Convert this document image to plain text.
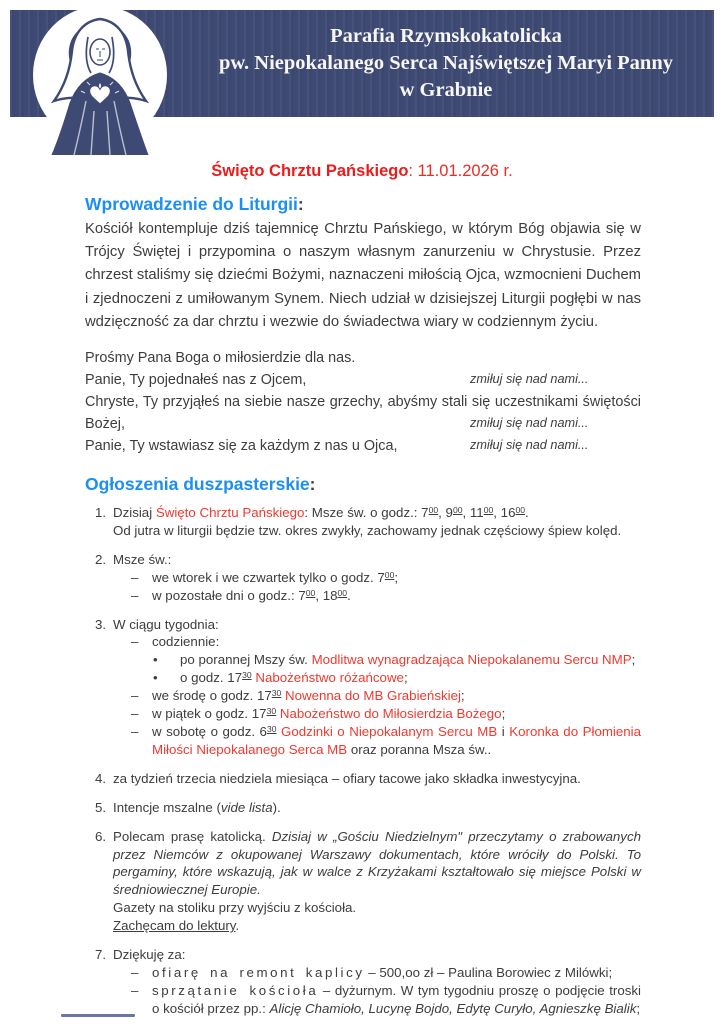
Parafia Rzymskokatolicka
pw. Niepokalanego Serca Najświętszej Maryi Panny
w Grabnie
Święto Chrztu Pańskiego: 11.01.2026 r.
Wprowadzenie do Liturgii:

Kościół kontempluje dziś tajemnicę Chrztu Pańskiego, w którym Bóg objawia się w Trójcy Świętej i przypomina o naszym własnym zanurzeniu w Chrystusie. Przez chrzest staliśmy się dziećmi Bożymi, naznaczeni miłością Ojca, wzmocnieni Duchem i zjednoczeni z umiłowanym Synem. Niech udział w dzisiejszej Liturgii pogłębi w nas wdzięczność za dar chrztu i wezwie do świadectwa wiary w codziennym życiu.

Prośmy Pana Boga o miłosierdzie dla nas.
Panie, Ty pojednałeś nas z Ojcem,	zmiłuj się nad nami...
Chryste, Ty przyjąłeś na siebie nasze grzechy, abyśmy stali się uczestnikami świętości Bożej,	zmiłuj się nad nami...
Panie, Ty wstawiasz się za każdym z nas u Ojca,	zmiłuj się nad nami...
Ogłoszenia duszpasterskie:
1. Dzisiaj Święto Chrztu Pańskiego: Msze św. o godz.: $7^{00}$, $9^{00}$, $11^{00}$, $16^{00}$.
Od jutra w liturgii będzie tzw. okres zwykły, zachowamy jednak częściowy śpiew kolęd.
2. Msze św.:
– we wtorek i we czwartek tylko o godz. $7^{00}$;
– w pozostałe dni o godz.: $7^{00}$, $18^{00}$.
3. W ciągu tygodnia:
– codziennie:
• po porannej Mszy św. Modlitwa wynagradzająca Niepokalanemu Sercu NMP;
• o godz. $17^{30}$ Nabożeństwo różańcowe;
– we środę o godz. $17^{30}$ Nowenna do MB Grabieńskiej;
– w piątek o godz. $17^{30}$ Nabożeństwo do Miłosierdzia Bożego;
– w sobotę o godz. $6^{30}$ Godzinki o Niepokalanym Sercu MB i Koronka do Płomienia Miłości Niepokalanego Serca MB oraz poranna Msza św..
4. za tydzień trzecia niedziela miesiąca – ofiary tacowe jako składka inwestycyjna.
5. Intencje mszalne (vide lista).
6. Polecam prasę katolicką. Dzisiaj w „Gościu Niedzielnym" przeczytamy o zrabowanych przez Niemców z okupowanej Warszawy dokumentach, które wróciły do Polski. To pergaminy, które wskazują, jak w walce z Krzyżakami kształtowało się miejsce Polski w średniowiecznej Europie.
Gazety na stoliku przy wyjściu z kościoła.
Zachęcam do lektury.
7. Dziękuję za:
– ofiarę na remont kaplicy – 500,oo zł – Paulina Borowiec z Milówki;
– sprzątanie kościoła – dyżurnym. W tym tygodniu proszę o podjęcie troski o kościół przez pp.: Alicję Chamioło, Lucynę Bojdo, Edytę Curyło, Agnieszkę Bialik;
